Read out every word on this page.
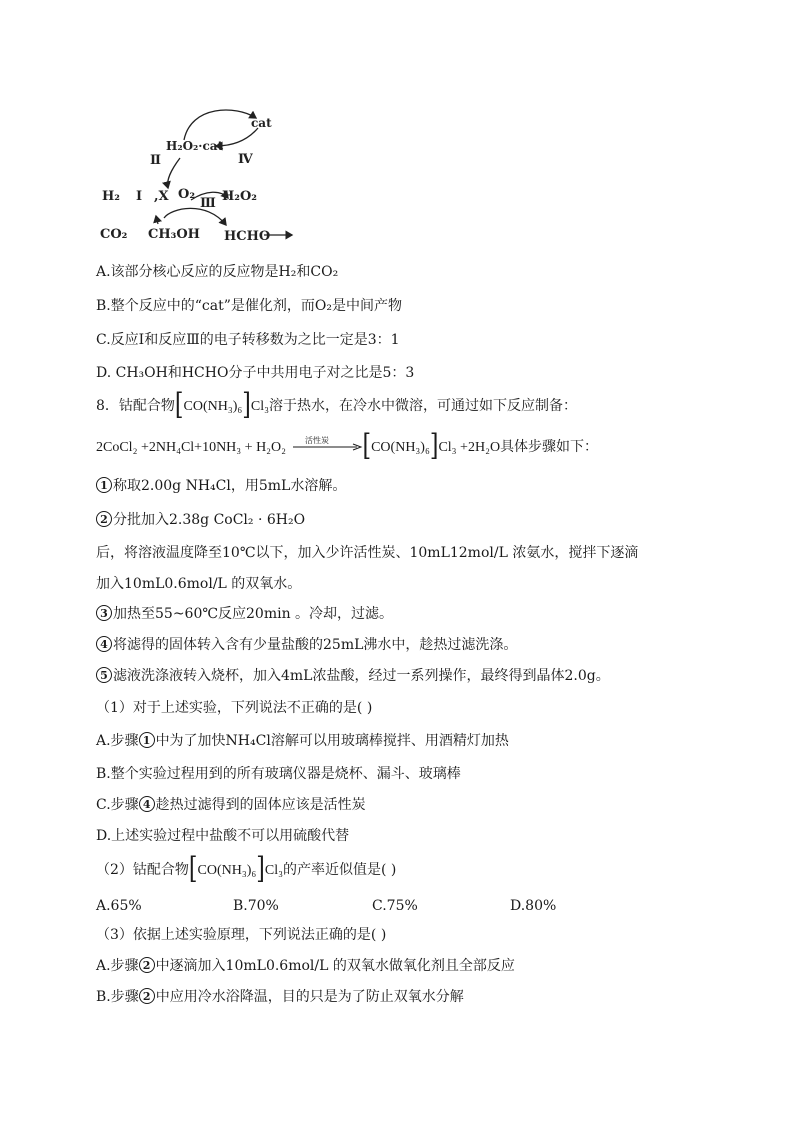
cat
H₂O₂·cat
Ⅱ	Ⅳ
H₂ Ⅰ ,X O₂
Ⅲ H₂O₂
CO₂ CH₃OH HCHO
A.该部分核心反应的反应物是H₂和CO₂
B.整个反应中的“cat”是催化剂，而O₂是中间产物
C.反应Ⅰ和反应Ⅲ的电子转移数为之比一定是3：1
D. CH₃OH和HCHO分子中共用电子对之比是5：3
8．钴配合物[CO(NH₃)₆]Cl₃溶于热水，在冷水中微溶，可通过如下反应制备：
2CoCl₂ +2NH₄Cl+10NH₃ + H₂O₂ 活性炭 [CO(NH₃)₆]Cl₃ +2H₂O具体步骤如下：
1 称取2.00g NH₄Cl，用5mL水溶解。
2 分批加入2.38g CoCl₂ · 6H₂O
后，将溶液温度降至10℃以下，加入少许活性炭、10mL12mol/L 浓氨水，搅拌下逐滴
加入10mL0.6mol/L 的双氧水。
3 加热至55~60℃反应20min 。冷却，过滤。
4 将滤得的固体转入含有少量盐酸的25mL沸水中，趁热过滤洗涤。
5 滤液洗涤液转入烧杯，加入4mL浓盐酸，经过一系列操作，最终得到晶体2.0g。
（1）对于上述实验，下列说法不正确的是( )
A.步骤 1 中为了加快NH₄Cl溶解可以用玻璃棒搅拌、用酒精灯加热
B.整个实验过程用到的所有玻璃仪器是烧杯、漏斗、玻璃棒
C.步骤 4 趁热过滤得到的固体应该是活性炭
D.上述实验过程中盐酸不可以用硫酸代替
（2）钴配合物[CO(NH₃)₆]Cl₃的产率近似值是( )
A.65%	B.70%	C.75%	D.80%
（3）依据上述实验原理，下列说法正确的是( )
A.步骤 2 中逐滴加入10mL0.6mol/L 的双氧水做氧化剂且全部反应
B.步骤 2 中应用冷水浴降温，目的只是为了防止双氧水分解
